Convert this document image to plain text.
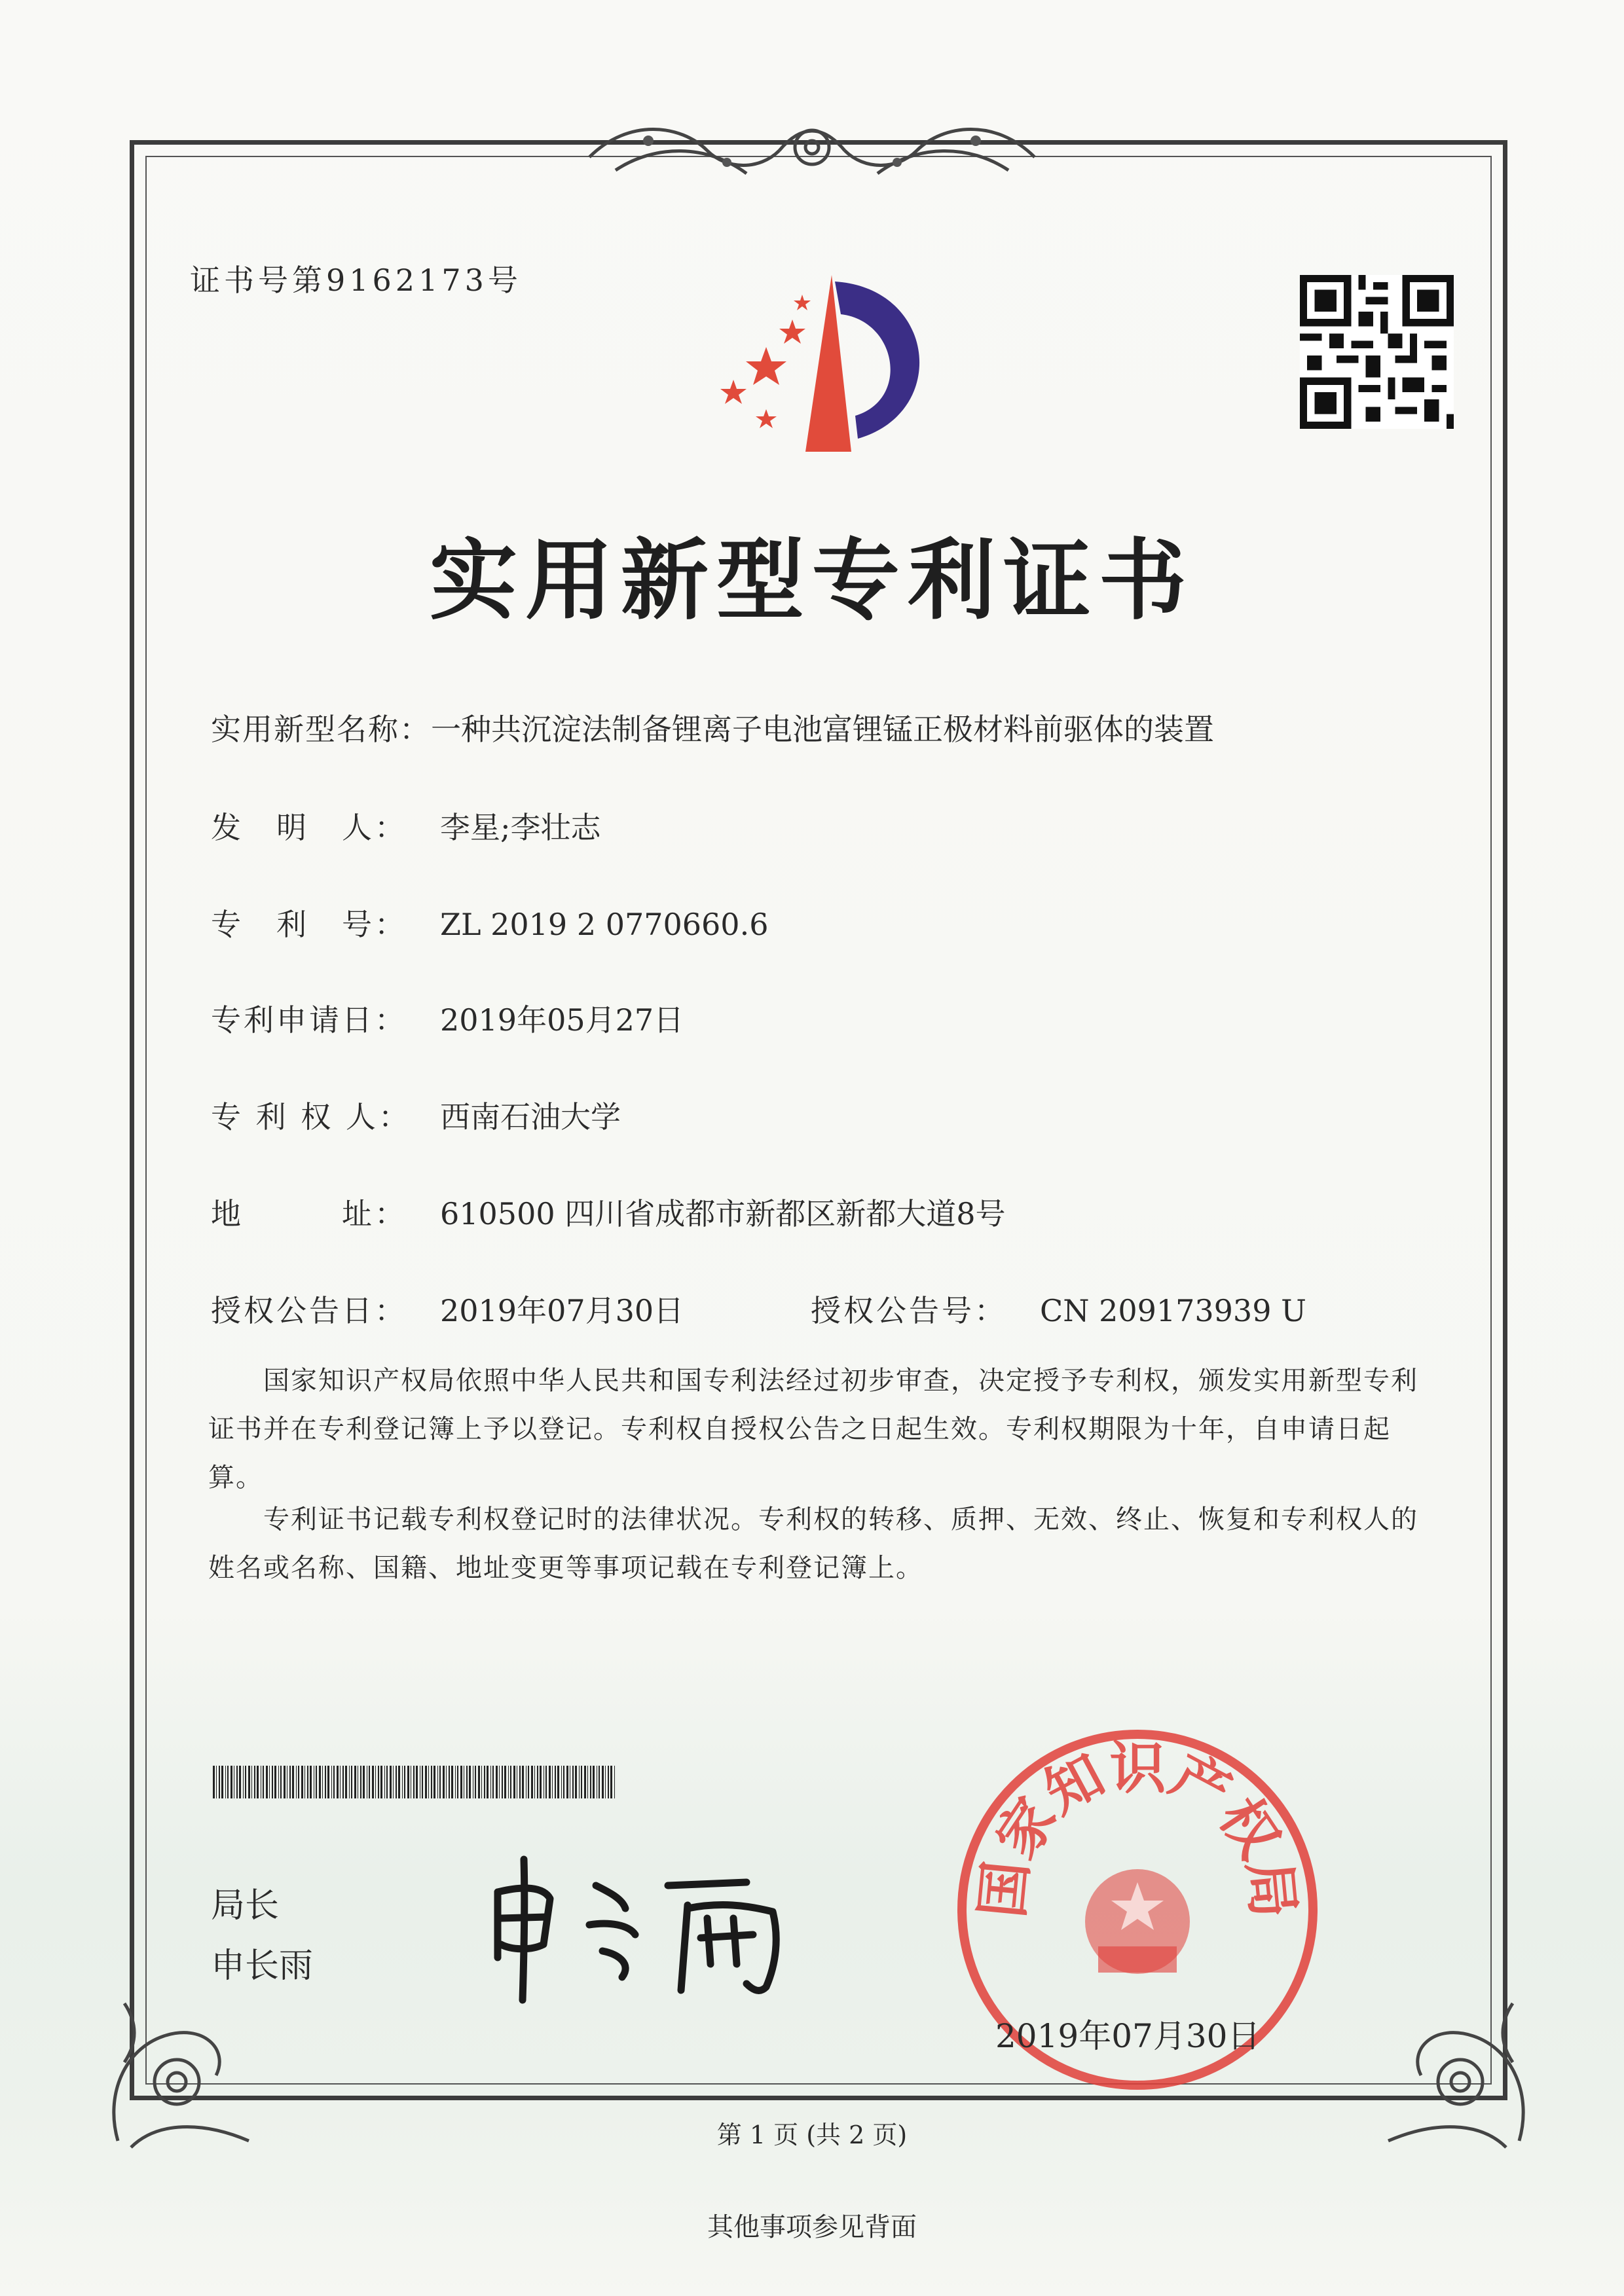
证书号第9162173号
实用新型专利证书
实用新型名称：一种共沉淀法制备锂离子电池富锂锰正极材料前驱体的装置
发　明　人： 李星;李壮志
专　利　号： ZL 2019 2 0770660.6
专利申请日： 2019年05月27日
专 利 权 人： 西南石油大学
地　　　址： 610500 四川省成都市新都区新都大道8号
授权公告日： 2019年07月30日	授权公告号： CN 209173939 U
　　国家知识产权局依照中华人民共和国专利法经过初步审查，决定授予专利权，颁发实用新型专利证书并在专利登记簿上予以登记。专利权自授权公告之日起生效。专利权期限为十年，自申请日起算。
　　专利证书记载专利权登记时的法律状况。专利权的转移、质押、无效、终止、恢复和专利权人的姓名或名称、国籍、地址变更等事项记载在专利登记簿上。
局长
申长雨
国家知识产权局
2019年07月30日
第 1 页 (共 2 页)
其他事项参见背面
